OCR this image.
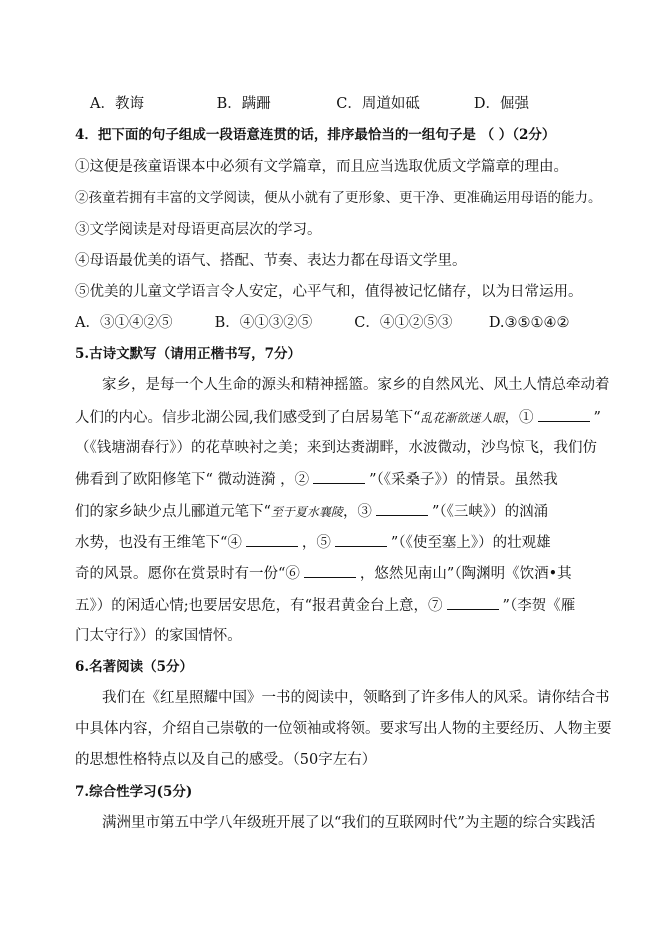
A．教诲	B．蹒跚	C．周道如砥	D．倔强
4．把下面的句子组成一段语意连贯的话，排序最恰当的一组句子是 （ ）（2分）
①这便是孩童语课本中必须有文学篇章，而且应当选取优质文学篇章的理由。
②孩童若拥有丰富的文学阅读，便从小就有了更形象、更干净、更准确运用母语的能力。
③文学阅读是对母语更高层次的学习。
④母语最优美的语气、搭配、节奏、表达力都在母语文学里。
⑤优美的儿童文学语言令人安定，心平气和，值得被记忆储存，以为日常运用。
A．③①④②⑤	B．④①③②⑤	C．④①②⑤③	D.③⑤①④②
5.古诗文默写（请用正楷书写，7分）
家乡，是每一个人生命的源头和精神摇篮。家乡的自然风光、风土人情总牵动着
人们的内心。信步北湖公园,我们感受到了白居易笔下“乱花渐欲迷人眼，①	”
（《钱塘湖春行》）的花草映衬之美；来到达赉湖畔，水波微动，沙鸟惊飞，我们仿
佛看到了欧阳修笔下“ 微动涟漪 ，②	”（《采桑子》）的情景。虽然我
们的家乡缺少点儿郦道元笔下“至于夏水襄陵，③	”（《三峡》）的汹涌
水势，也没有王维笔下“④	，⑤	”（《使至塞上》）的壮观雄
奇的风景。愿你在赏景时有一份“⑥	，悠然见南山”（陶渊明《饮酒•其
五》）的闲适心情;也要居安思危，有“报君黄金台上意，⑦	”（李贺《雁
门太守行》）的家国情怀。
6.名著阅读（5分）
我们在《红星照耀中国》一书的阅读中，领略到了许多伟人的风采。请你结合书
中具体内容，介绍自己崇敬的一位领袖或将领。要求写出人物的主要经历、人物主要
的思想性格特点以及自己的感受。（50字左右）
7.综合性学习(5分)
满洲里市第五中学八年级班开展了以“我们的互联网时代”为主题的综合实践活
